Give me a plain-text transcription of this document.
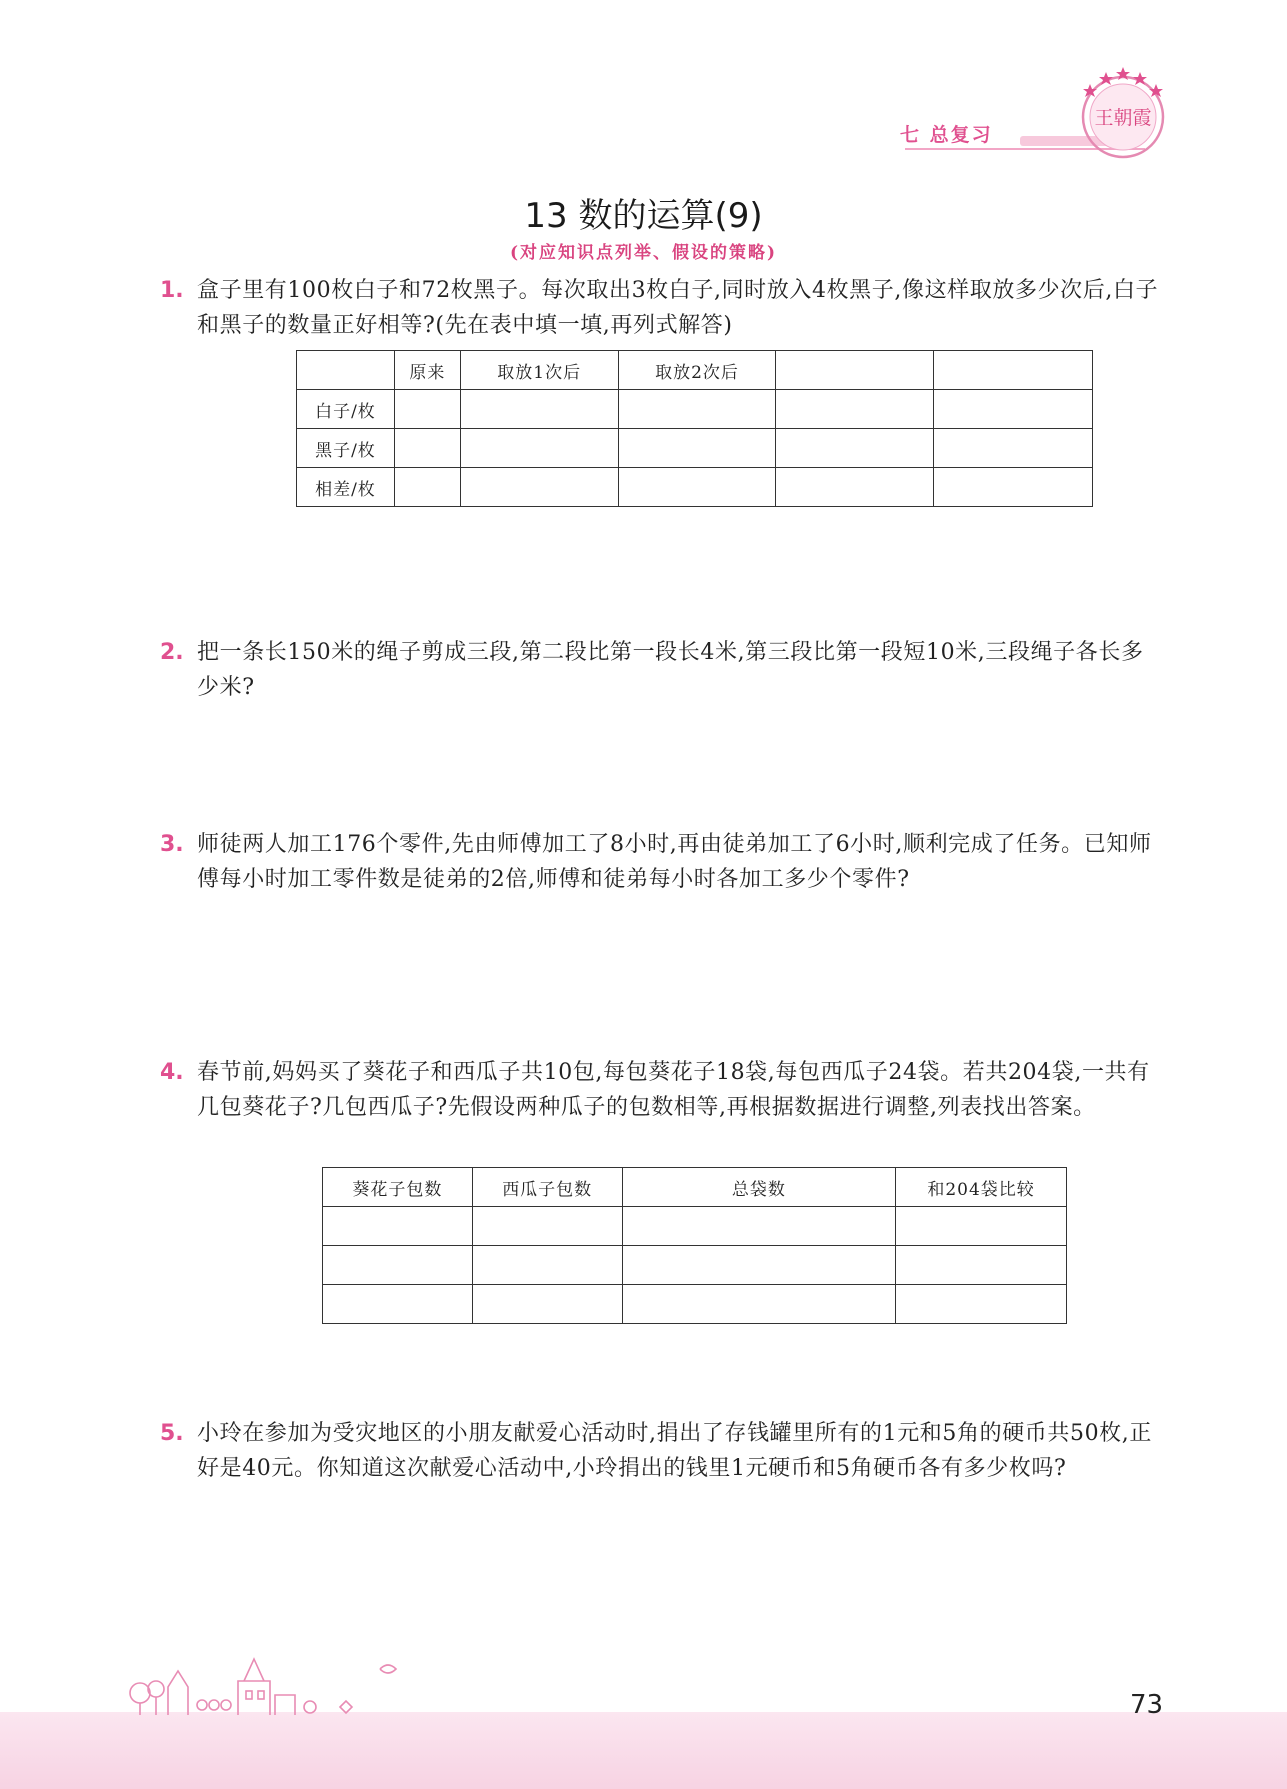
七 总复习
王朝霞
13 数的运算(9)
(对应知识点列举、假设的策略)
1. 盒子里有100枚白子和72枚黑子。每次取出3枚白子,同时放入4枚黑子,像这样取放多少次后,白子和黑子的数量正好相等?(先在表中填一填,再列式解答)
	原来	取放1次后	取放2次后		
白子/枚					
黑子/枚					
相差/枚					
2. 把一条长150米的绳子剪成三段,第二段比第一段长4米,第三段比第一段短10米,三段绳子各长多少米?
3. 师徒两人加工176个零件,先由师傅加工了8小时,再由徒弟加工了6小时,顺利完成了任务。已知师傅每小时加工零件数是徒弟的2倍,师傅和徒弟每小时各加工多少个零件?
4. 春节前,妈妈买了葵花子和西瓜子共10包,每包葵花子18袋,每包西瓜子24袋。若共204袋,一共有几包葵花子?几包西瓜子?先假设两种瓜子的包数相等,再根据数据进行调整,列表找出答案。
葵花子包数	西瓜子包数	总袋数	和204袋比较

5. 小玲在参加为受灾地区的小朋友献爱心活动时,捐出了存钱罐里所有的1元和5角的硬币共50枚,正好是40元。你知道这次献爱心活动中,小玲捐出的钱里1元硬币和5角硬币各有多少枚吗?
73
